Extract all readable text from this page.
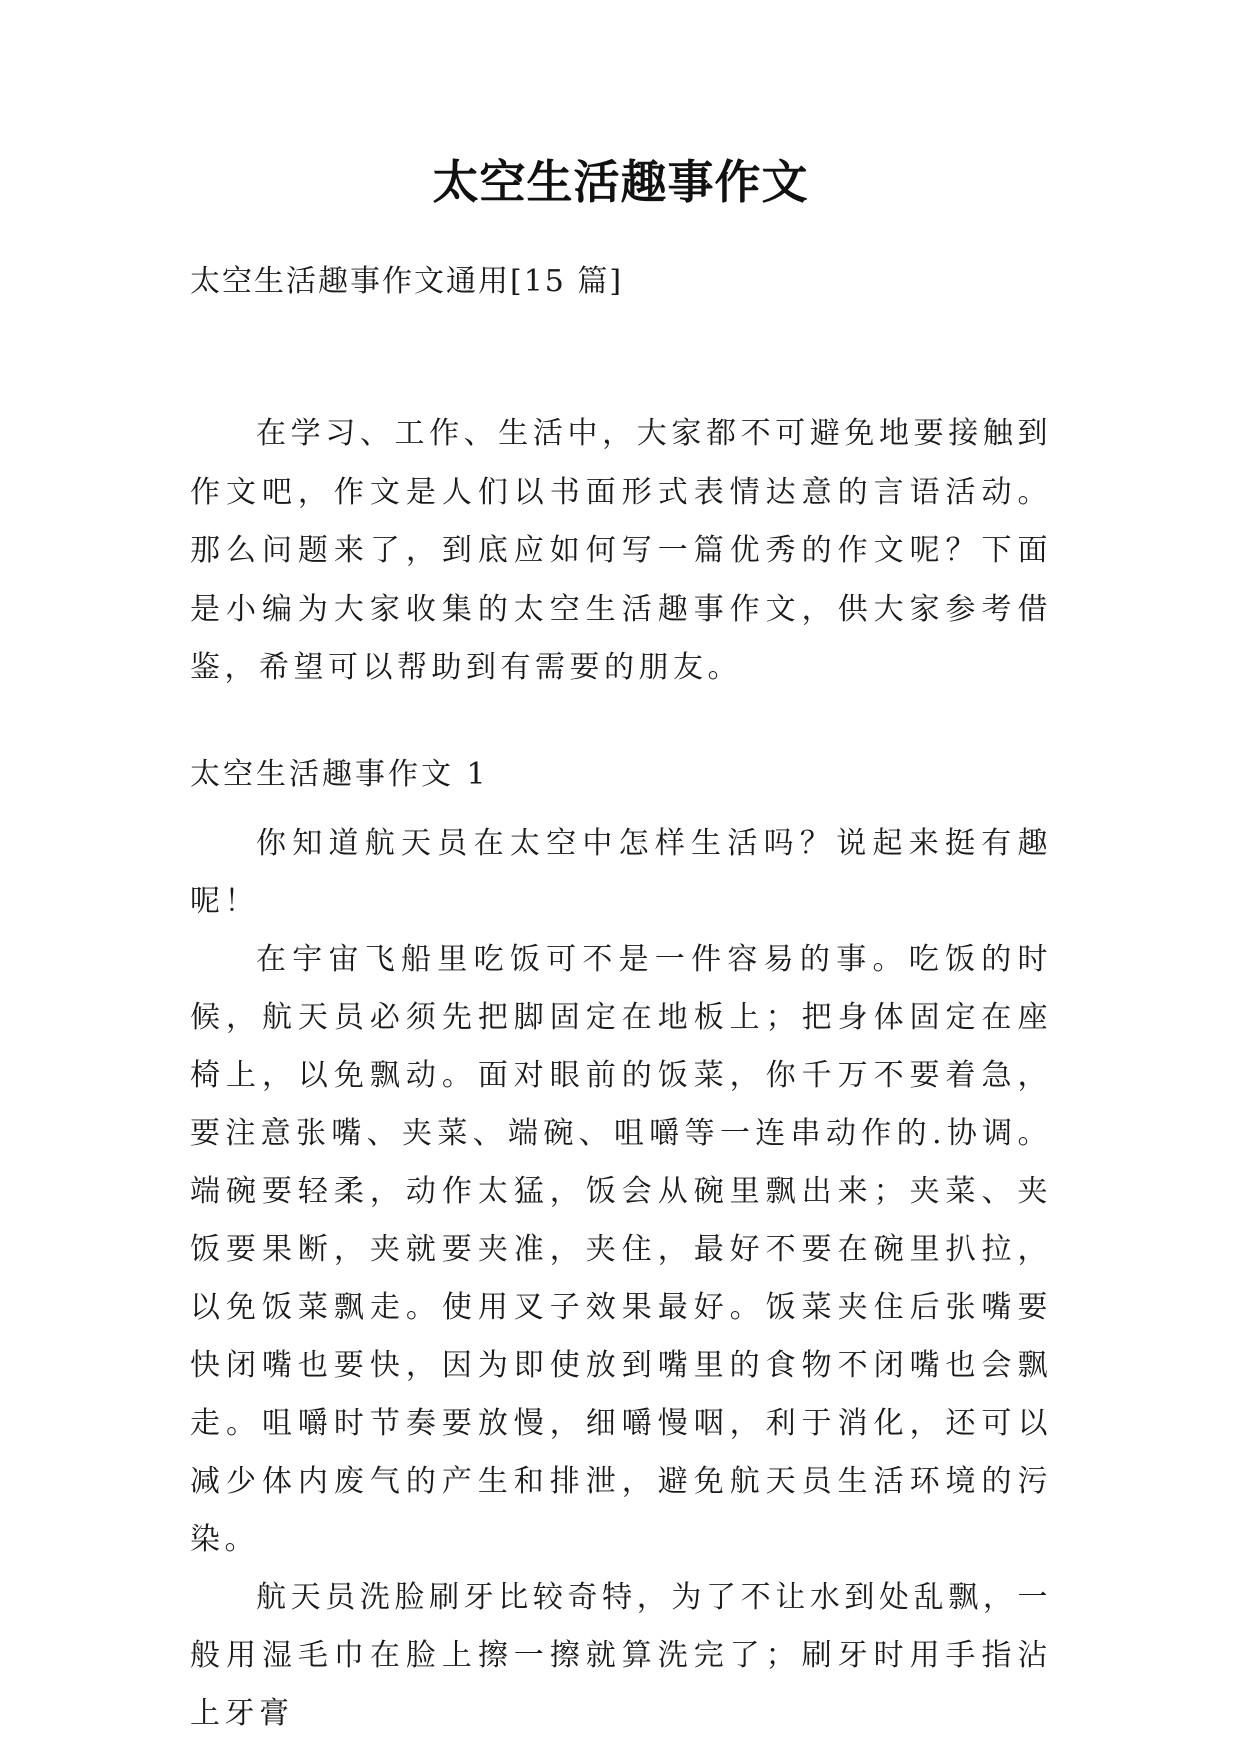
太空生活趣事作文
太空生活趣事作文通用[15 篇]
在学习、工作、生活中，大家都不可避免地要接触到作文吧，作文是人们以书面形式表情达意的言语活动。那么问题来了，到底应如何写一篇优秀的作文呢？下面是小编为大家收集的太空生活趣事作文，供大家参考借鉴，希望可以帮助到有需要的朋友。
太空生活趣事作文 1

你知道航天员在太空中怎样生活吗？说起来挺有趣呢！

在宇宙飞船里吃饭可不是一件容易的事。吃饭的时候，航天员必须先把脚固定在地板上；把身体固定在座椅上，以免飘动。面对眼前的饭菜，你千万不要着急，要注意张嘴、夹菜、端碗、咀嚼等一连串动作的.协调。端碗要轻柔，动作太猛，饭会从碗里飘出来；夹菜、夹饭要果断，夹就要夹准，夹住，最好不要在碗里扒拉，以免饭菜飘走。使用叉子效果最好。饭菜夹住后张嘴要快闭嘴也要快，因为即使放到嘴里的食物不闭嘴也会飘走。咀嚼时节奏要放慢，细嚼慢咽，利于消化，还可以减少体内废气的产生和排泄，避免航天员生活环境的污染。

航天员洗脸刷牙比较奇特，为了不让水到处乱飘，一般用湿毛巾在脸上擦一擦就算洗完了；刷牙时用手指沾上牙膏
